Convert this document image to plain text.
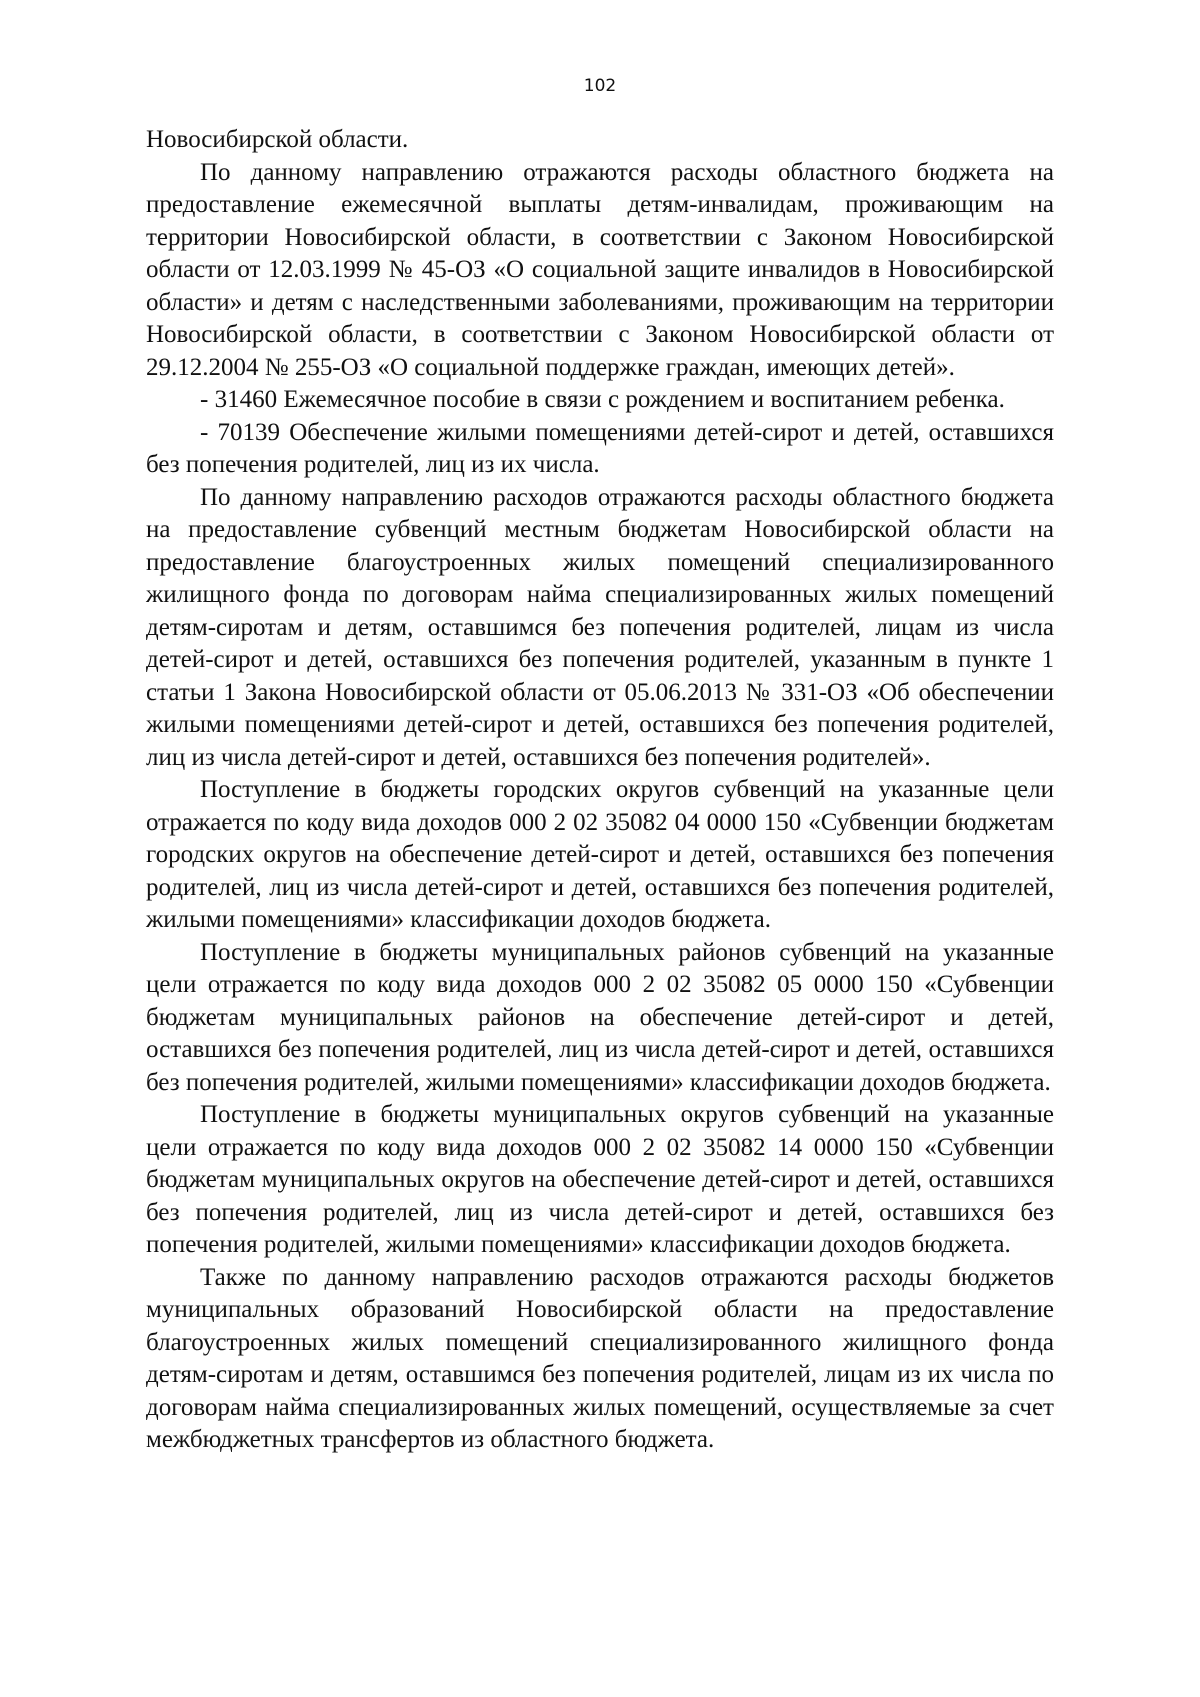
102

Новосибирской области.

По данному направлению отражаются расходы областного бюджета на предоставление ежемесячной выплаты детям-инвалидам, проживающим на территории Новосибирской области, в соответствии с Законом Новосибирской области от 12.03.1999 № 45-ОЗ «О социальной защите инвалидов в Новосибирской области» и детям с наследственными заболеваниями, проживающим на территории Новосибирской области, в соответствии с Законом Новосибирской области от 29.12.2004 № 255-ОЗ «О социальной поддержке граждан, имеющих детей».

- 31460 Ежемесячное пособие в связи с рождением и воспитанием ребенка.

- 70139 Обеспечение жилыми помещениями детей-сирот и детей, оставшихся без попечения родителей, лиц из их числа.

По данному направлению расходов отражаются расходы областного бюджета на предоставление субвенций местным бюджетам Новосибирской области на предоставление благоустроенных жилых помещений специализированного жилищного фонда по договорам найма специализированных жилых помещений детям-сиротам и детям, оставшимся без попечения родителей, лицам из числа детей-сирот и детей, оставшихся без попечения родителей, указанным в пункте 1 статьи 1 Закона Новосибирской области от 05.06.2013 № 331-ОЗ «Об обеспечении жилыми помещениями детей-сирот и детей, оставшихся без попечения родителей, лиц из числа детей-сирот и детей, оставшихся без попечения родителей».

Поступление в бюджеты городских округов субвенций на указанные цели отражается по коду вида доходов 000 2 02 35082 04 0000 150 «Субвенции бюджетам городских округов на обеспечение детей-сирот и детей, оставшихся без попечения родителей, лиц из числа детей-сирот и детей, оставшихся без попечения родителей, жилыми помещениями» классификации доходов бюджета.

Поступление в бюджеты муниципальных районов субвенций на указанные цели отражается по коду вида доходов 000 2 02 35082 05 0000 150 «Субвенции бюджетам муниципальных районов на обеспечение детей-сирот и детей, оставшихся без попечения родителей, лиц из числа детей-сирот и детей, оставшихся без попечения родителей, жилыми помещениями» классификации доходов бюджета.

Поступление в бюджеты муниципальных округов субвенций на указанные цели отражается по коду вида доходов 000 2 02 35082 14 0000 150 «Субвенции бюджетам муниципальных округов на обеспечение детей-сирот и детей, оставшихся без попечения родителей, лиц из числа детей-сирот и детей, оставшихся без попечения родителей, жилыми помещениями» классификации доходов бюджета.

Также по данному направлению расходов отражаются расходы бюджетов муниципальных образований Новосибирской области на предоставление благоустроенных жилых помещений специализированного жилищного фонда детям-сиротам и детям, оставшимся без попечения родителей, лицам из их числа по договорам найма специализированных жилых помещений, осуществляемые за счет межбюджетных трансфертов из областного бюджета.
